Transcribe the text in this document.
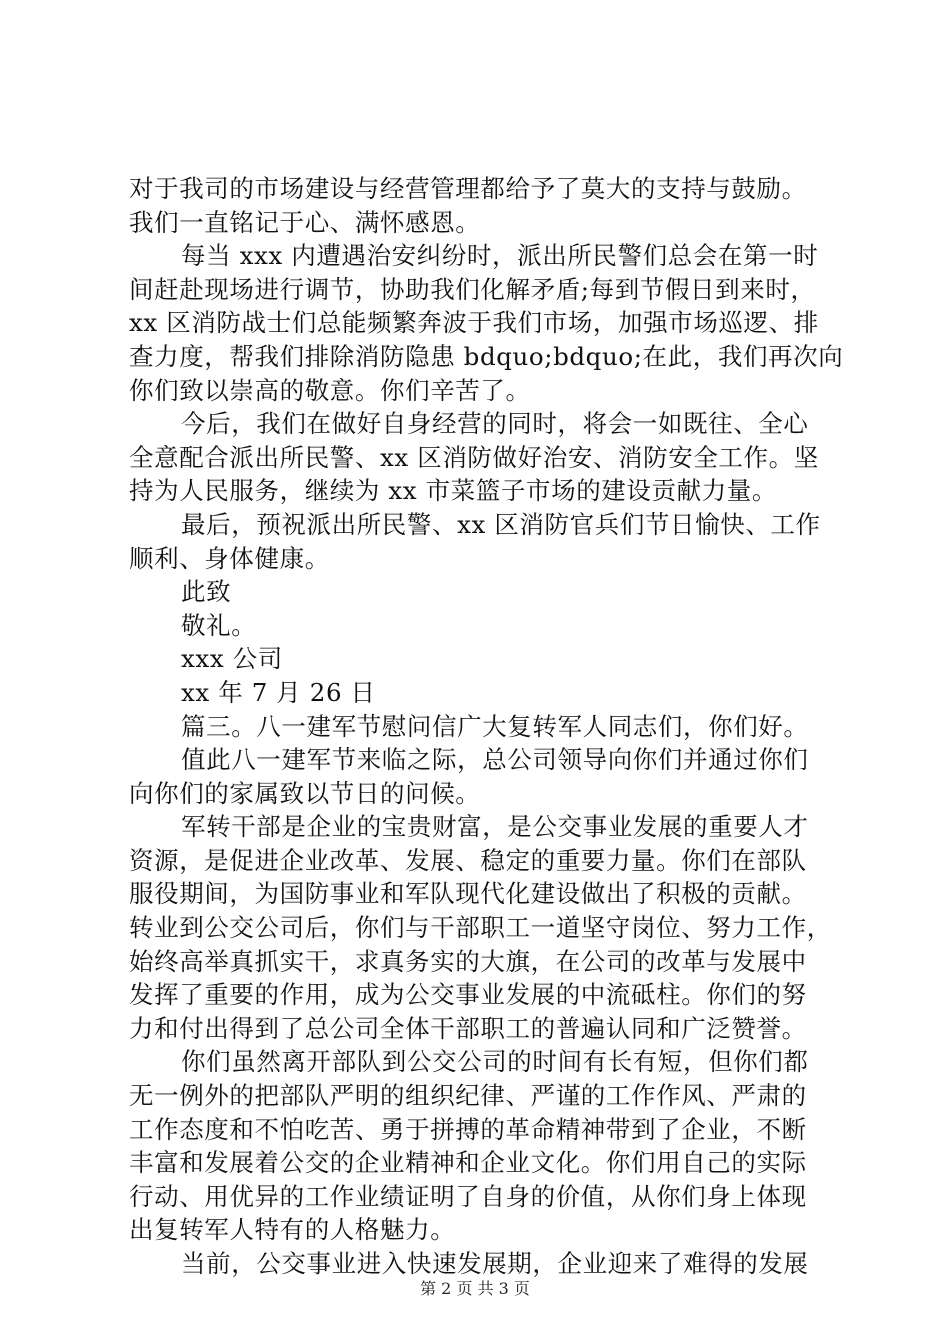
对于我司的市场建设与经营管理都给予了莫大的支持与鼓励。
我们一直铭记于心、满怀感恩。
每当 xxx 内遭遇治安纠纷时，派出所民警们总会在第一时
间赶赴现场进行调节，协助我们化解矛盾;每到节假日到来时，
xx 区消防战士们总能频繁奔波于我们市场，加强市场巡逻、排
查力度，帮我们排除消防隐患 bdquo;bdquo;在此，我们再次向
你们致以崇高的敬意。你们辛苦了。
今后，我们在做好自身经营的同时，将会一如既往、全心
全意配合派出所民警、xx 区消防做好治安、消防安全工作。坚
持为人民服务，继续为 xx 市菜篮子市场的建设贡献力量。
最后，预祝派出所民警、xx 区消防官兵们节日愉快、工作
顺利、身体健康。
此致
敬礼。
xxx 公司
xx 年 7 月 26 日
篇三。八一建军节慰问信广大复转军人同志们，你们好。
值此八一建军节来临之际，总公司领导向你们并通过你们
向你们的家属致以节日的问候。
军转干部是企业的宝贵财富，是公交事业发展的重要人才
资源，是促进企业改革、发展、稳定的重要力量。你们在部队
服役期间，为国防事业和军队现代化建设做出了积极的贡献。
转业到公交公司后，你们与干部职工一道坚守岗位、努力工作，
始终高举真抓实干，求真务实的大旗，在公司的改革与发展中
发挥了重要的作用，成为公交事业发展的中流砥柱。你们的努
力和付出得到了总公司全体干部职工的普遍认同和广泛赞誉。
你们虽然离开部队到公交公司的时间有长有短，但你们都
无一例外的把部队严明的组织纪律、严谨的工作作风、严肃的
工作态度和不怕吃苦、勇于拼搏的革命精神带到了企业，不断
丰富和发展着公交的企业精神和企业文化。你们用自己的实际
行动、用优异的工作业绩证明了自身的价值，从你们身上体现
出复转军人特有的人格魅力。
当前，公交事业进入快速发展期，企业迎来了难得的发展
第 2 页 共 3 页
